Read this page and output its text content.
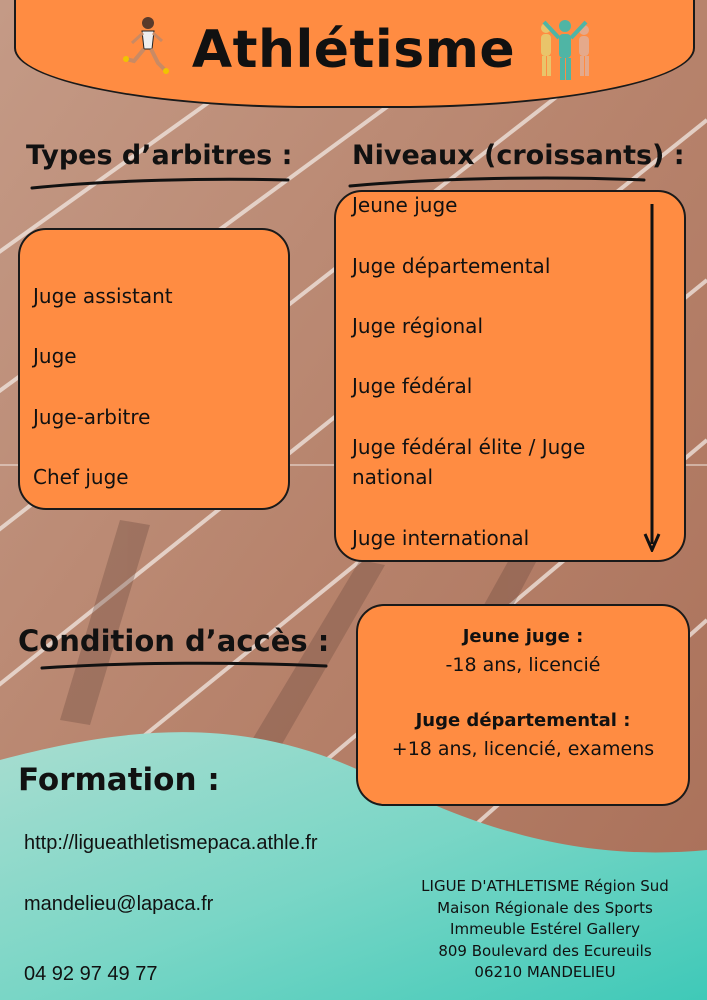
Athlétisme
Types d’arbitres :
Juge assistant
Juge
Juge-arbitre
Chef juge
Niveaux (croissants) :
Jeune juge
Juge départemental
Juge régional
Juge fédéral
Juge fédéral élite / Juge
national
Juge international
Condition d’accès :	Jeune juge :
-18 ans, licencié
Juge départemental :
+18 ans, licencié, examens
Formation :
http://ligueathletismepaca.athle.fr
mandelieu@lapaca.fr
04 92 97 49 77
LIGUE D'ATHLETISME Région Sud
Maison Régionale des Sports
Immeuble Estérel Gallery
809 Boulevard des Ecureuils
06210 MANDELIEU
